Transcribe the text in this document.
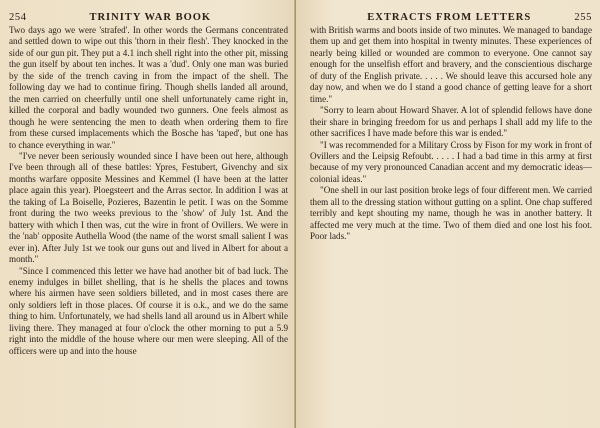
254	TRINITY WAR BOOK

Two days ago we were 'strafed'. In other words the Germans concentrated and settled down to wipe out this 'thorn in their flesh'. They knocked in the side of our gun pit. They put a 4.1 inch shell right into the other pit, missing the gun itself by about ten inches. It was a 'dud'. Only one man was buried by the side of the trench caving in from the impact of the shell. The following day we had to continue firing. Though shells landed all around, the men carried on cheerfully until one shell unfortunately came right in, killed the corporal and badly wounded two gunners. One feels almost as though he were sentencing the men to death when ordering them to fire from these cursed implacements which the Bosche has 'taped', but one has to chance everything in war."

"I've never been seriously wounded since I have been out here, although I've been through all of these battles: Ypres, Festubert, Givenchy and six months warfare opposite Messines and Kemmel (I have been at the latter place again this year). Ploegsteert and the Arras sector. In addition I was at the taking of La Boiselle, Pozieres, Bazentin le petit. I was on the Somme front during the two weeks previous to the 'show' of July 1st. And the battery with which I then was, cut the wire in front of Ovillers. We were in the 'nab' opposite Authella Wood (the name of the worst small salient I was ever in). After July 1st we took our guns out and lived in Albert for about a month."

"Since I commenced this letter we have had another bit of bad luck. The enemy indulges in billet shelling, that is he shells the places and towns where his airmen have seen soldiers billeted, and in most cases there are only soldiers left in those places. Of course it is o.k., and we do the same thing to him. Unfortunately, we had shells land all around us in Albert while living there. They managed at four o'clock the other morning to put a 5.9 right into the middle of the house where our men were sleeping. All of the officers were up and into the house

EXTRACTS FROM LETTERS	255

with British warms and boots inside of two minutes. We managed to bandage them up and get them into hospital in twenty minutes. These experiences of nearly being killed or wounded are common to everyone. One cannot say enough for the unselfish effort and bravery, and the conscientious discharge of duty of the English private. . . . . We should leave this accursed hole any day now, and when we do I stand a good chance of getting leave for a short time."

"Sorry to learn about Howard Shaver. A lot of splendid fellows have done their share in bringing freedom for us and perhaps I shall add my life to the other sacrifices I have made before this war is ended."

"I was recommended for a Military Cross by Fison for my work in front of Ovillers and the Leipsig Refoubt. . . . . I had a bad time in this army at first because of my very pronounced Canadian accent and my democratic ideas—colonial ideas."

"One shell in our last position broke legs of four different men. We carried them all to the dressing station without gutting on a splint. One chap suffered terribly and kept shouting my name, though he was in another battery. It affected me very much at the time. Two of them died and one lost his foot. Poor lads."
